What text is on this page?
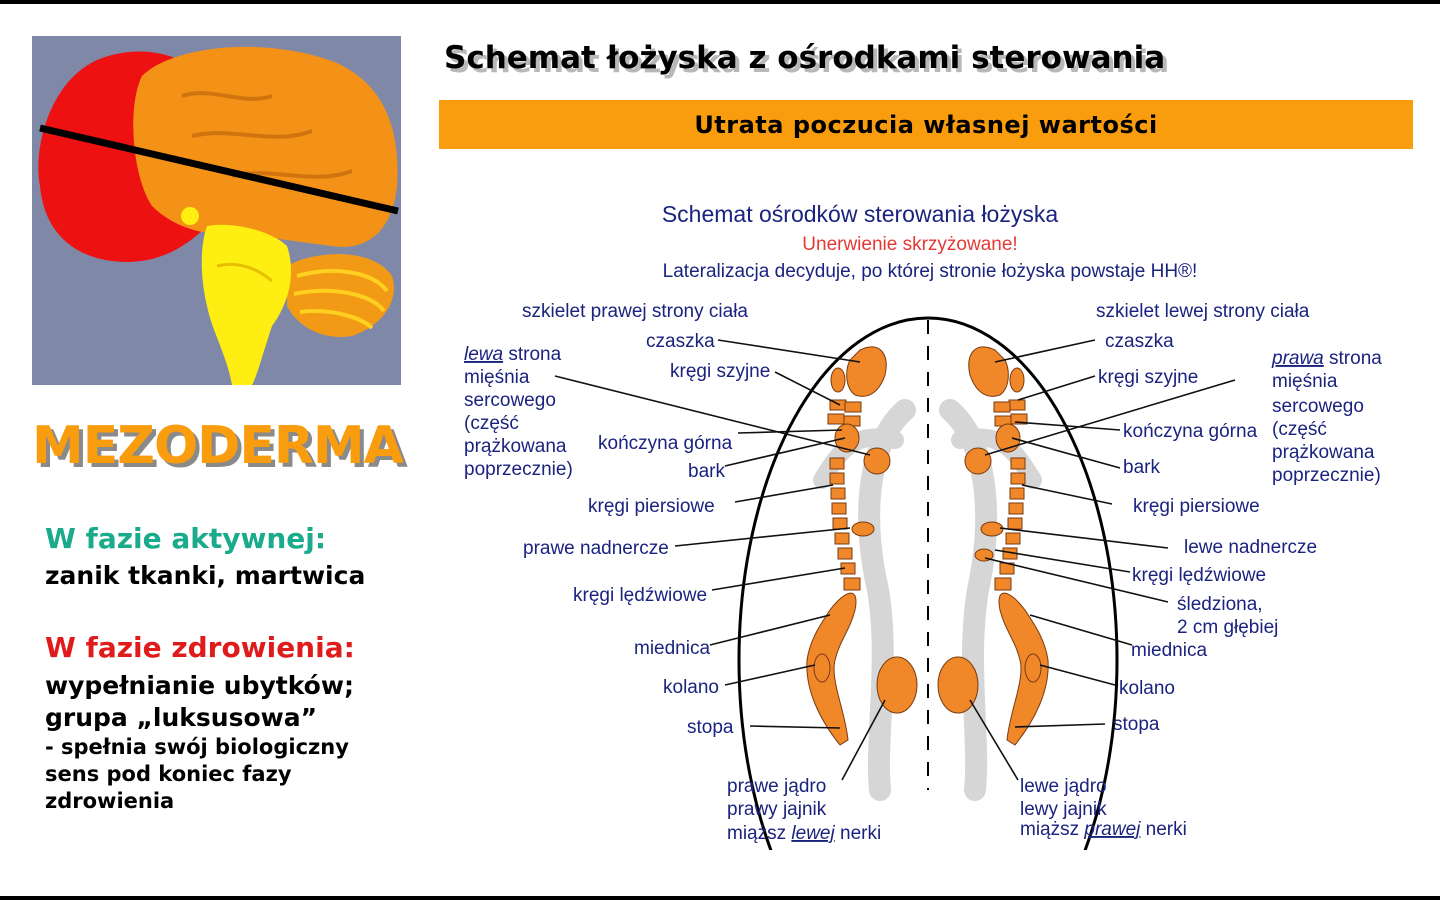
Schemat łożyska z ośrodkami sterowania
Utrata poczucia własnej wartości
MEZODERMA
W fazie aktywnej:
zanik tkanki, martwica
W fazie zdrowienia:
wypełnianie ubytków;
grupa „luksusowa”
- spełnia swój biologiczny
sens pod koniec fazy
zdrowienia
Schemat ośrodków sterowania łożyska
Unerwienie skrzyżowane!
Lateralizacja decyduje, po której stronie łożyska powstaje HH®!
szkielet prawej strony ciała	szkielet lewej strony ciała
czaszka
kręgi szyjne
kończyna górna
bark
kręgi piersiowe
prawe nadnercze
kręgi lędźwiowe
miednica
kolano
stopa
lewa strona
mięśnia
sercowego
(część
prążkowana
poprzecznie)
prawe jądro
prawy jajnik
miąższ lewej nerki
czaszka
kręgi szyjne
kończyna górna
bark
kręgi piersiowe
lewe nadnercze
kręgi lędźwiowe
śledziona,
2 cm głębiej
miednica
kolano
stopa
prawa strona
mięśnia
sercowego
(część
prążkowana
poprzecznie)
lewe jądro
lewy jajnik
miąższ prawej nerki
